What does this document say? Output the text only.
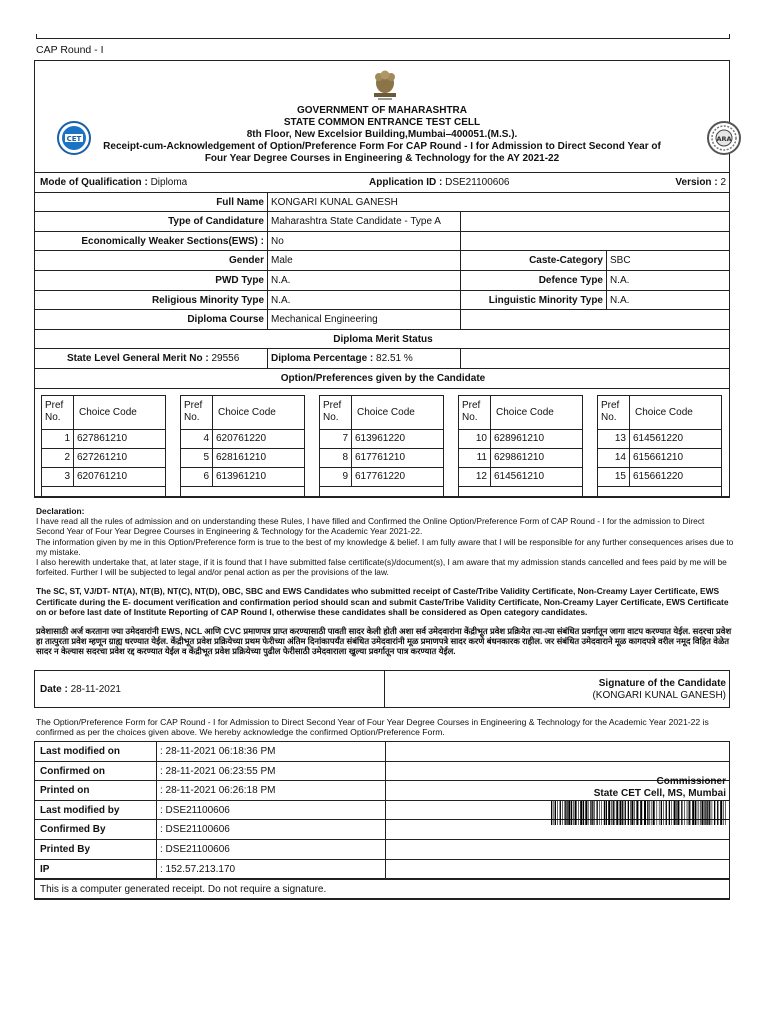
CAP Round - I
CET	ARA
GOVERNMENT OF MAHARASHTRA
STATE COMMON ENTRANCE TEST CELL
8th Floor, New Excelsior Building,Mumbai–400051.(M.S.).
Receipt-cum-Acknowledgement of Option/Preference Form For CAP Round - I for Admission to Direct Second Year of Four Year Degree Courses in Engineering & Technology for the AY 2021-22
Mode of Qualification : Diploma	Application ID : DSE21100606	Version : 2
Full Name KONGARI KUNAL GANESH
Type of Candidature Maharashtra State Candidate - Type A
Economically Weaker Sections(EWS) : No
Gender Male	Caste-Category SBC
PWD Type N.A.	Defence Type N.A.
Religious Minority Type N.A.	Linguistic Minority Type N.A.
Diploma Course Mechanical Engineering
Diploma Merit Status
State Level General Merit No : 29556	Diploma Percentage : 82.51 %
Option/Preferences given by the Candidate
Pref No.	Choice Code
1	627861210
2	627261210
3	620761210
Pref No.	Choice Code
4	620761220
5	628161210
6	613961210
Pref No.	Choice Code
7	613961220
8	617761210
9	617761220
Pref No.	Choice Code
10	628961210
11	629861210
12	614561210
Pref No.	Choice Code
13	614561220
14	615661210
15	615661220

Declaration:

I have read all the rules of admission and on understanding these Rules, I have filled and Confirmed the Online Option/Preference Form of CAP Round - I for the admission to Direct Second Year of Four Year Degree Courses in Engineering & Technology for the Academic Year 2021-22.

The information given by me in this Option/Preference form is true to the best of my knowledge & belief. I am fully aware that I will be responsible for any further consequences arises due to my mistake.

I also herewith undertake that, at later stage, if it is found that I have submitted false certificate(s)/document(s), I am aware that my admission stands cancelled and fees paid by me will be forfeited. Further I will be subjected to legal and/or penal action as per the provisions of the law.

The SC, ST, VJ/DT- NT(A), NT(B), NT(C), NT(D), OBC, SBC and EWS Candidates who submitted receipt of Caste/Tribe Validity Certificate, Non-Creamy Layer Certificate, EWS Certificate during the E- document verification and confirmation period should scan and submit Caste/Tribe Validity Certificate, Non-Creamy Layer Certificate, EWS Certificate on or before last date of Institute Reporting of CAP Round I, otherwise these candidates shall be considered as Open category candidates.

प्रवेशासाठी अर्ज करताना ज्या उमेदवारांनी EWS, NCL आणि CVC प्रमाणपत्र प्राप्त करण्यासाठी पावती सादर केली होती अशा सर्व उमेदवारांना केंद्रीभूत प्रवेश प्रक्रियेत त्या-त्या संबंधित प्रवर्गातून जागा वाटप करण्यात येईल. सदरचा प्रवेश हा तात्पुरता प्रवेश म्हणून ग्राह्य धरण्यात येईल. केंद्रीभूत प्रवेश प्रक्रियेच्या प्रथम फेरीच्या अंतिम दिनांकापर्यंत संबंधित उमेदवारांनी मूळ प्रमाणपत्रे सादर करणे बंधनकारक राहील. जर संबंधित उमेदवाराने मूळ कागदपत्रे वरील नमूद विहित वेळेत सादर न केल्यास सदरचा प्रवेश रद्द करण्यात येईल व केंद्रीभूत प्रवेश प्रक्रियेच्या पुढील फेरीसाठी उमेदवाराला खुल्या प्रवर्गातून पात्र करण्यात येईल.

Date : 28-11-2021
Signature of the Candidate
(KONGARI KUNAL GANESH)
The Option/Preference Form for CAP Round - I for Admission to Direct Second Year of Four Year Degree Courses in Engineering & Technology for the Academic Year 2021-22 is confirmed as per the choices given above. We hereby acknowledge the confirmed Option/Preference Form.
Last modified on	: 28-11-2021 06:18:36 PM
Confirmed on	: 28-11-2021 06:23:55 PM
Printed on	: 28-11-2021 06:26:18 PM
Last modified by	: DSE21100606
Confirmed By	: DSE21100606
Printed By	: DSE21100606
IP	: 152.57.213.170
This is a computer generated receipt. Do not require a signature.
Commissioner
State CET Cell, MS, Mumbai
